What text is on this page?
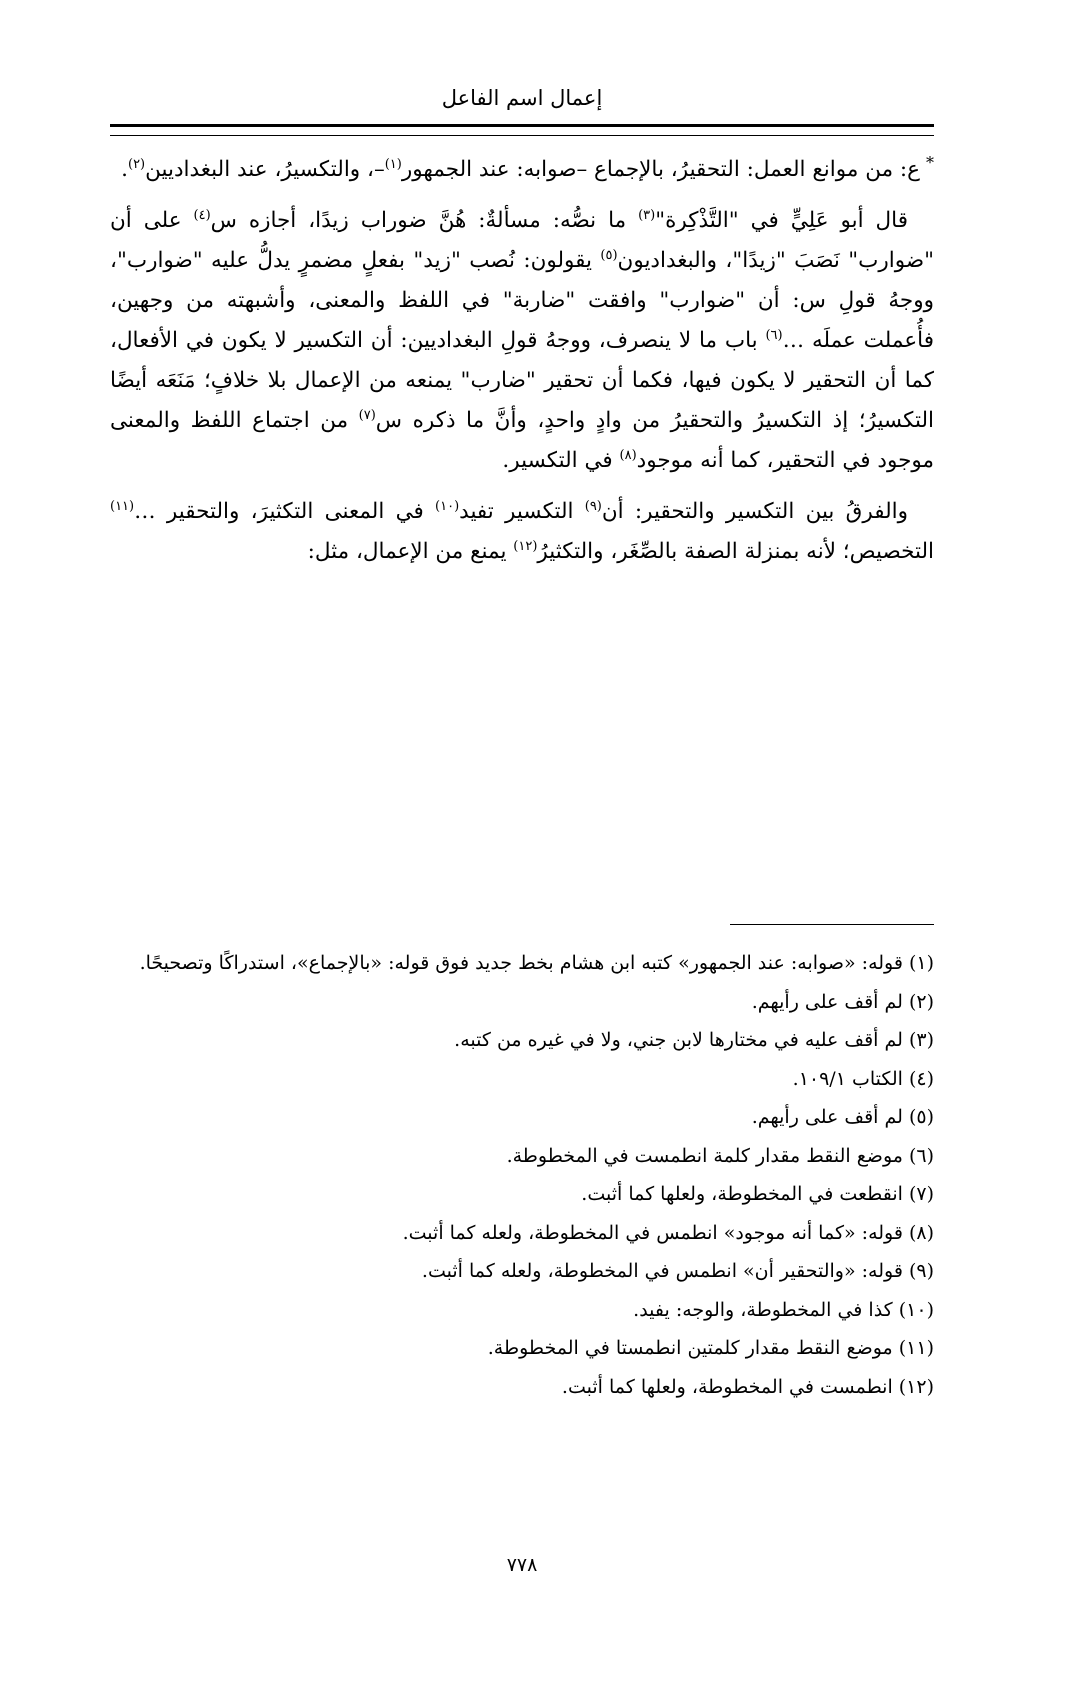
إعمال اسم الفاعل

*ع: من موانع العمل: التحقيرُ، بالإجماع –صوابه: عند الجمهور$^{(١)}$–، والتكسيرُ، عند البغداديين$^{(٢)}$.

قال أبو عَلِيٍّ في "التَّذْكِرة"$^{(٣)}$ ما نصُّه: مسألةٌ: هُنَّ ضوراب زيدًا، أجازه س$^{(٤)}$ على أن "ضوارب" نَصَبَ "زيدًا"، والبغداديون$^{(٥)}$ يقولون: نُصب "زيد" بفعلٍ مضمرٍ يدلُّ عليه "ضوارب"، ووجهُ قولِ س: أن "ضوارب" وافقت "ضاربة" في اللفظ والمعنى، وأشبهته من وجهين، فأُعملت عملَه …$^{(٦)}$ باب ما لا ينصرف، ووجهُ قولِ البغداديين: أن التكسير لا يكون في الأفعال، كما أن التحقير لا يكون فيها، فكما أن تحقير "ضارب" يمنعه من الإعمال بلا خلافٍ؛ مَنَعَه أيضًا التكسيرُ؛ إذ التكسيرُ والتحقيرُ من وادٍ واحدٍ، وأنَّ ما ذكره س$^{(٧)}$ من اجتماع اللفظ والمعنى موجود في التحقير، كما أنه موجود$^{(٨)}$ في التكسير.

والفرقُ بين التكسير والتحقير: أن$^{(٩)}$ التكسير تفيد$^{(١٠)}$ في المعنى التكثيرَ، والتحقير …$^{(١١)}$ التخصيص؛ لأنه بمنزلة الصفة بالصِّغَر، والتكثيرُ$^{(١٢)}$ يمنع من الإعمال، مثل:

(١)قوله: «صوابه: عند الجمهور» كتبه ابن هشام بخط جديد فوق قوله: «بالإجماع»، استدراكًا وتصحيحًا.
(٢)لم أقف على رأيهم.
(٣)لم أقف عليه في مختارها لابن جني، ولا في غيره من كتبه.
(٤)الكتاب ١٠٩/١.
(٥)لم أقف على رأيهم.
(٦)موضع النقط مقدار كلمة انطمست في المخطوطة.
(٧)انقطعت في المخطوطة، ولعلها كما أثبت.
(٨)قوله: «كما أنه موجود» انطمس في المخطوطة، ولعله كما أثبت.
(٩)قوله: «والتحقير أن» انطمس في المخطوطة، ولعله كما أثبت.
(١٠)كذا في المخطوطة، والوجه: يفيد.
(١١)موضع النقط مقدار كلمتين انطمستا في المخطوطة.
(١٢)انطمست في المخطوطة، ولعلها كما أثبت.
٧٧٨
